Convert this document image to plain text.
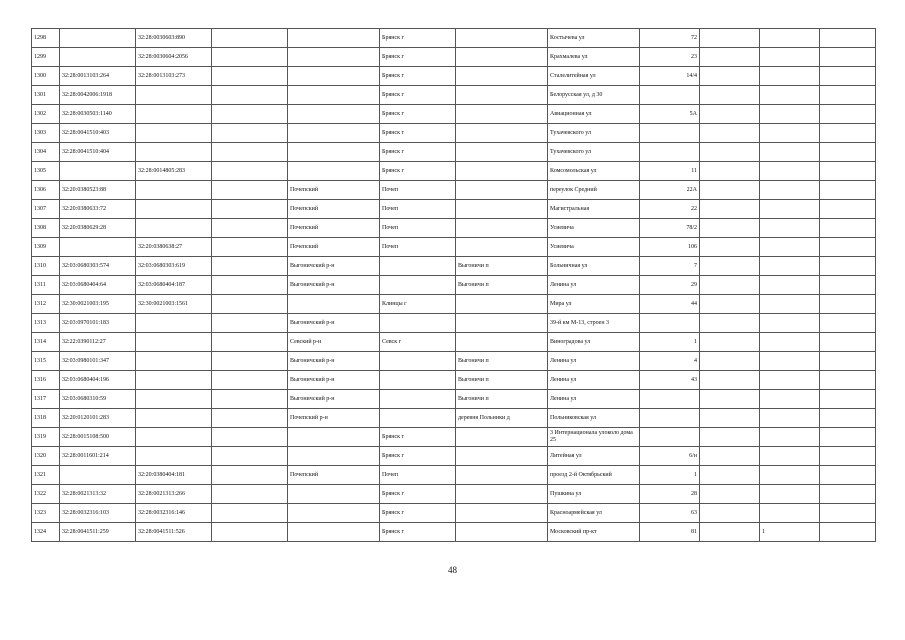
1298		32:28:0030603:890			Брянск г		Костычева ул	72			
1299		32:28:0030604:2056			Брянск г		Крахмалева ул	23			
1300	32:28:0013103:264	32:28:0013103:273			Брянск г		Сталелитейная ул	14/4			
1301	32:28:0042006:1918				Брянск г		Белорусская ул, д 30				
1302	32:28:0030503:1140				Брянск г		Авиационная ул	5А			
1303	32:28:0041510:403				Брянск г		Тухачевского ул				
1304	32:28:0041510:404				Брянск г		Тухачевского ул				
1305		32:28:0014805:283			Брянск г		Комсомольская ул	11			
1306	32:20:0380523:88			Почепский	Почеп		переулок Средний	22А			
1307	32:20:0380633:72			Почепский	Почеп		Магистральная	22			
1308	32:20:0380629:28			Почепский	Почеп		Усиевича	78/2			
1309		32:20:0380638:27		Почепский	Почеп		Усиевича	106			
1310	32:03:0680303:574	32:03:0680303:619		Выгоничский р-н		Выгоничи п	Больничная ул	7			
1311	32:03:0680404:64	32:03:0680404:187		Выгоничский р-н		Выгоничи п	Ленина ул	29			
1312	32:30:0021003:195	32:30:0021003:1561			Клинцы г		Мира ул	44			
1313	32:03:0970101:183			Выгоничский р-н			39-й км М-13, строен 3				
1314	32:22:0390112:27			Севский р-н	Севск г		Виноградова ул	1			
1315	32:03:0980101:347			Выгоничский р-н		Выгоничи п	Ленина ул	4			
1316	32:03:0680404:196			Выгоничский р-н		Выгоничи п	Ленина ул	43			
1317	32:03:0680310:59			Выгоничский р-н		Выгоничи п	Ленина ул				
1318	32:20:0120101:283			Почепский р-н		деревня Польники д	Польниковская ул				
1319	32:28:0015108:500				Брянск г		3 Интернационала улоколо дома 25				
1320	32:28:0011601:214				Брянск г		Литейная ул	6/н			
1321		32:20:0380404:181		Почепский	Почеп		проезд 2-й Октябрьский	1			
1322	32:28:0021313:32	32:28:0021313:266			Брянск г		Пушкина ул	28			
1323	32:28:0032316:103	32:28:0032316:146			Брянск г		Красноармейская ул	63			
1324	32:28:0041511:259	32:28:0041511:526			Брянск г		Московский пр-кт	81		1	
48
